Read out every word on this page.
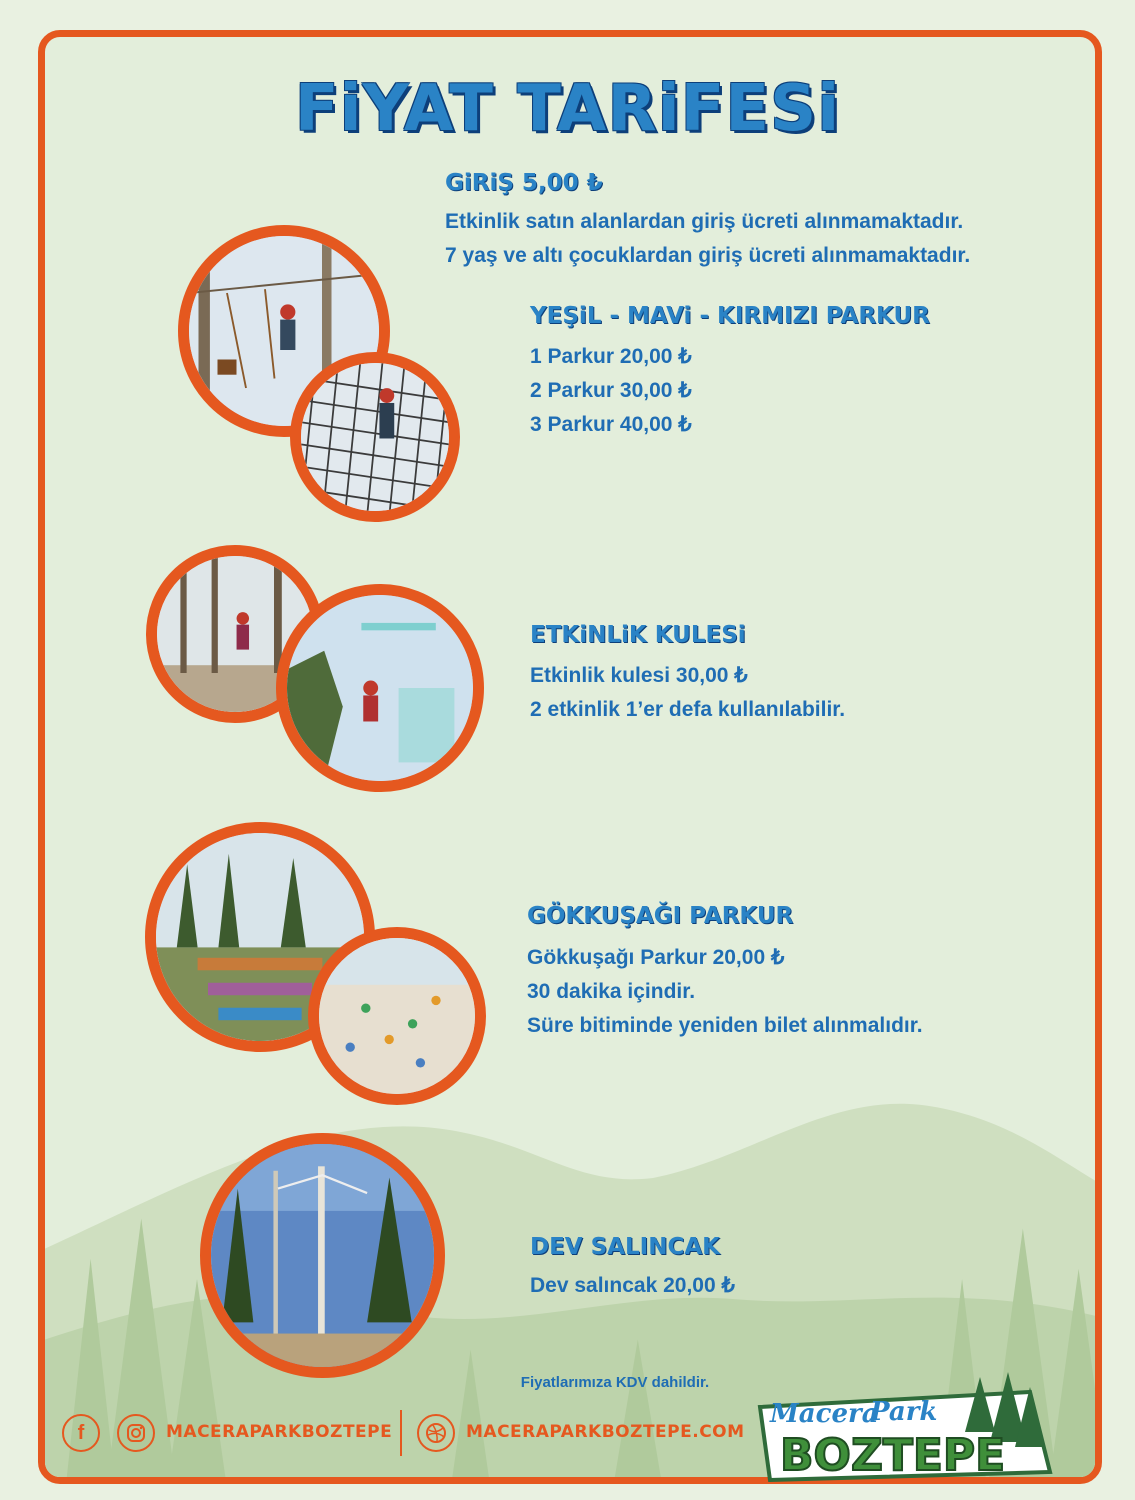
FiYAT TARiFESi
GiRiŞ 5,00 ₺
Etkinlik satın alanlardan giriş ücreti alınmamaktadır.
7 yaş ve altı çocuklardan giriş ücreti alınmamaktadır.
YEŞiL - MAVi - KIRMIZI PARKUR
1 Parkur 20,00 ₺
2 Parkur 30,00 ₺
3 Parkur 40,00 ₺
ETKiNLiK KULESi
Etkinlik kulesi 30,00 ₺
2 etkinlik 1’er defa kullanılabilir.
GÖKKUŞAĞI PARKUR
Gökkuşağı Parkur 20,00 ₺
30 dakika içindir.
Süre bitiminde yeniden bilet alınmalıdır.
DEV SALINCAK
Dev salıncak 20,00 ₺
Fiyatlarımıza KDV dahildir.
f	MACERAPARKBOZTEPE	MACERAPARKBOZTEPE.COM
Macera
Park
BOZTEPE
